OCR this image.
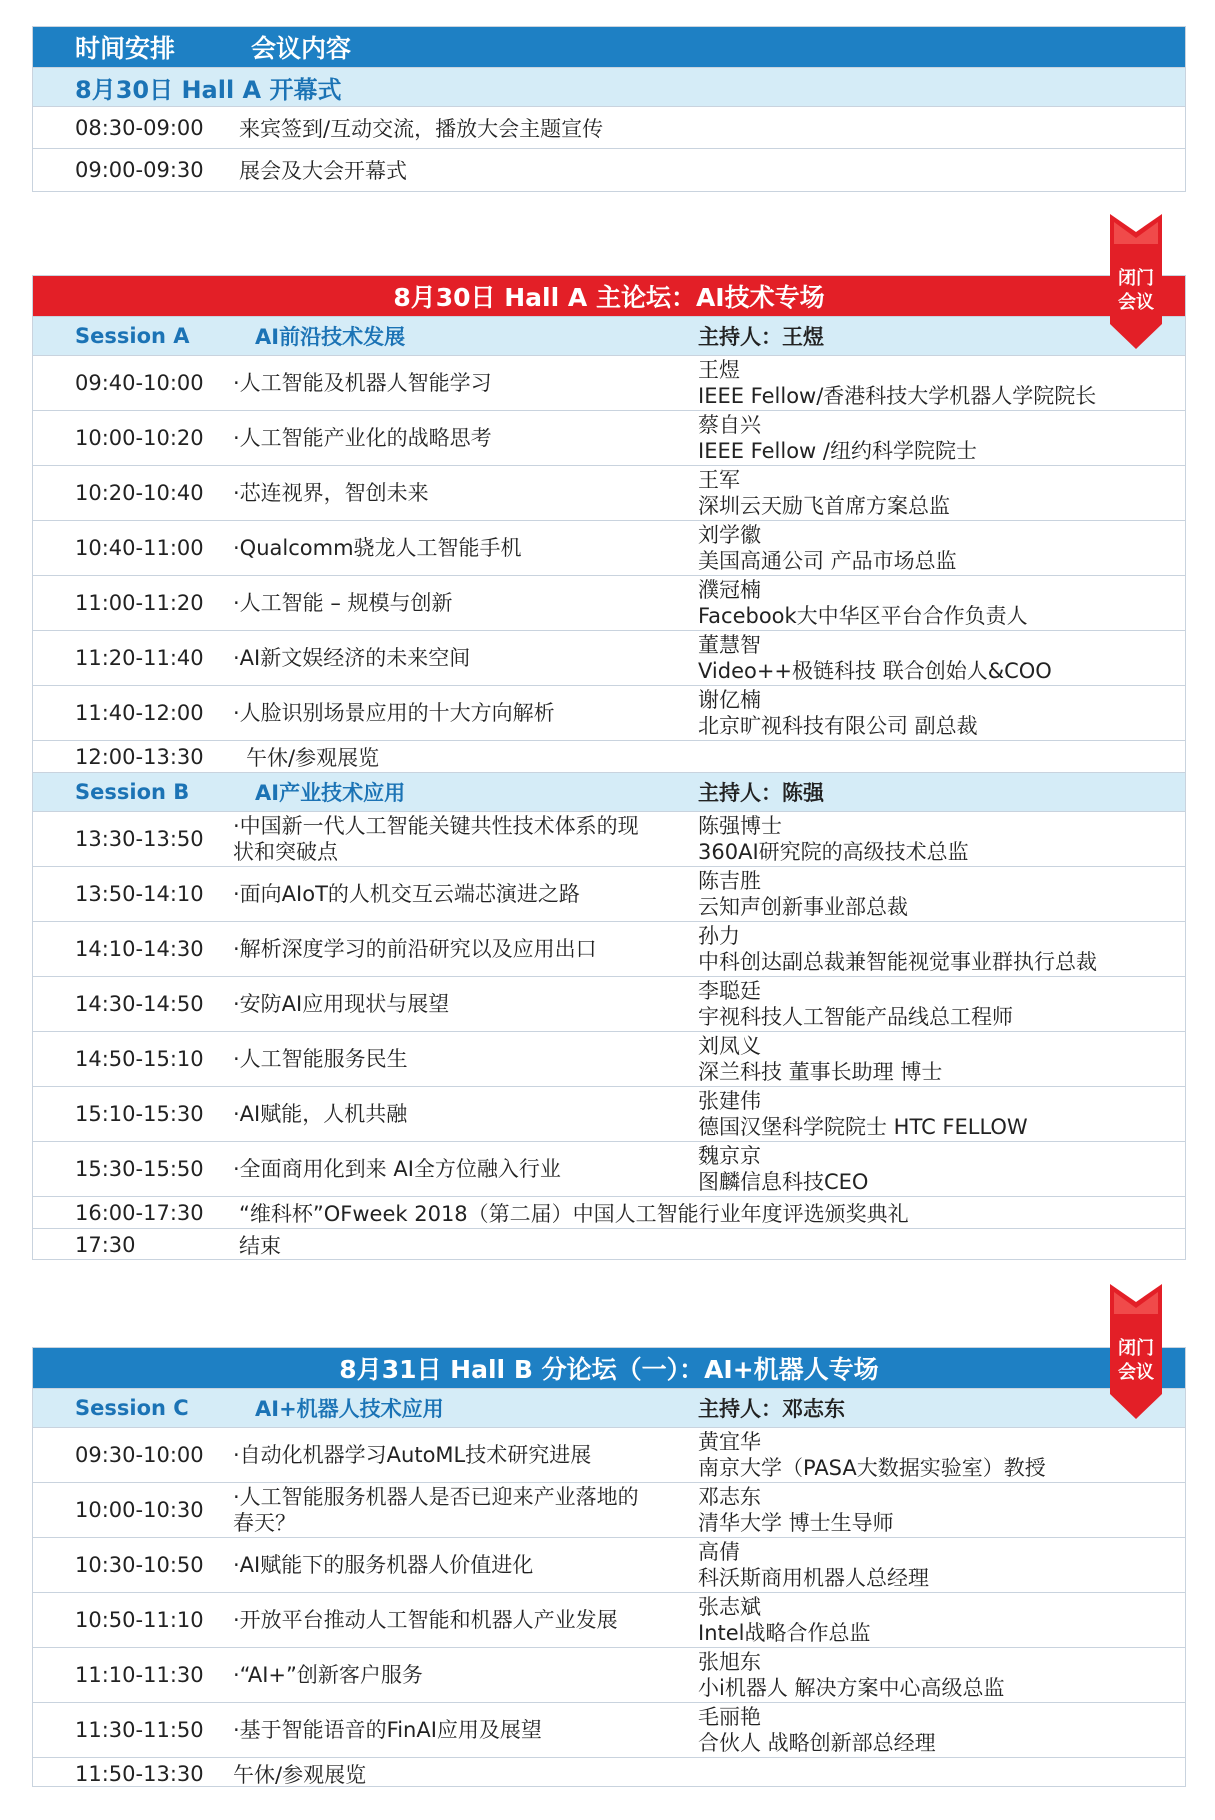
时间安排	会议内容
8月30日 Hall A 开幕式
08:30-09:00 来宾签到/互动交流，播放大会主题宣传
09:00-09:30 展会及大会开幕式
8月30日 Hall A 主论坛：AI技术专场
Session A	AI前沿技术发展	主持人：王煜
09:40-10:00 ·人工智能及机器人智能学习
王煜
IEEE Fellow/香港科技大学机器人学院院长
10:00-10:20 ·人工智能产业化的战略思考
蔡自兴
IEEE Fellow /纽约科学院院士
10:20-10:40 ·芯连视界，智创未来
王军
深圳云天励飞首席方案总监
10:40-11:00 ·Qualcomm骁龙人工智能手机
刘学徽
美国高通公司 产品市场总监
11:00-11:20 ·人工智能 – 规模与创新
濮冠楠
Facebook大中华区平台合作负责人
11:20-11:40 ·AI新文娱经济的未来空间
董慧智
Video++极链科技 联合创始人&COO
11:40-12:00 ·人脸识别场景应用的十大方向解析
谢亿楠
北京旷视科技有限公司 副总裁
12:00-13:30 午休/参观展览
Session B	AI产业技术应用	主持人：陈强
13:30-13:50
·中国新一代人工智能关键共性技术体系的现状和突破点
陈强博士
360AI研究院的高级技术总监
13:50-14:10 ·面向AIoT的人机交互云端芯演进之路
陈吉胜
云知声创新事业部总裁
14:10-14:30 ·解析深度学习的前沿研究以及应用出口
孙力
中科创达副总裁兼智能视觉事业群执行总裁
14:30-14:50 ·安防AI应用现状与展望
李聪廷
宇视科技人工智能产品线总工程师
14:50-15:10 ·人工智能服务民生
刘凤义
深兰科技 董事长助理 博士
15:10-15:30 ·AI赋能，人机共融
张建伟
德国汉堡科学院院士 HTC FELLOW
15:30-15:50 ·全面商用化到来 AI全方位融入行业
魏京京
图麟信息科技CEO
16:00-17:30 “维科杯”OFweek 2018（第二届）中国人工智能行业年度评选颁奖典礼
17:30	结束
闭门
会议
8月31日 Hall B 分论坛（一）：AI+机器人专场
Session C	AI+机器人技术应用	主持人：邓志东
09:30-10:00 ·自动化机器学习AutoML技术研究进展
黄宜华
南京大学（PASA大数据实验室）教授
10:00-10:30
·人工智能服务机器人是否已迎来产业落地的春天？
邓志东
清华大学 博士生导师
10:30-10:50 ·AI赋能下的服务机器人价值进化
高倩
科沃斯商用机器人总经理
10:50-11:10 ·开放平台推动人工智能和机器人产业发展
张志斌
Intel战略合作总监
11:10-11:30 ·“AI+”创新客户服务
张旭东
小i机器人 解决方案中心高级总监
11:30-11:50 ·基于智能语音的FinAI应用及展望
毛丽艳
合伙人 战略创新部总经理
11:50-13:30 午休/参观展览
闭门
会议
